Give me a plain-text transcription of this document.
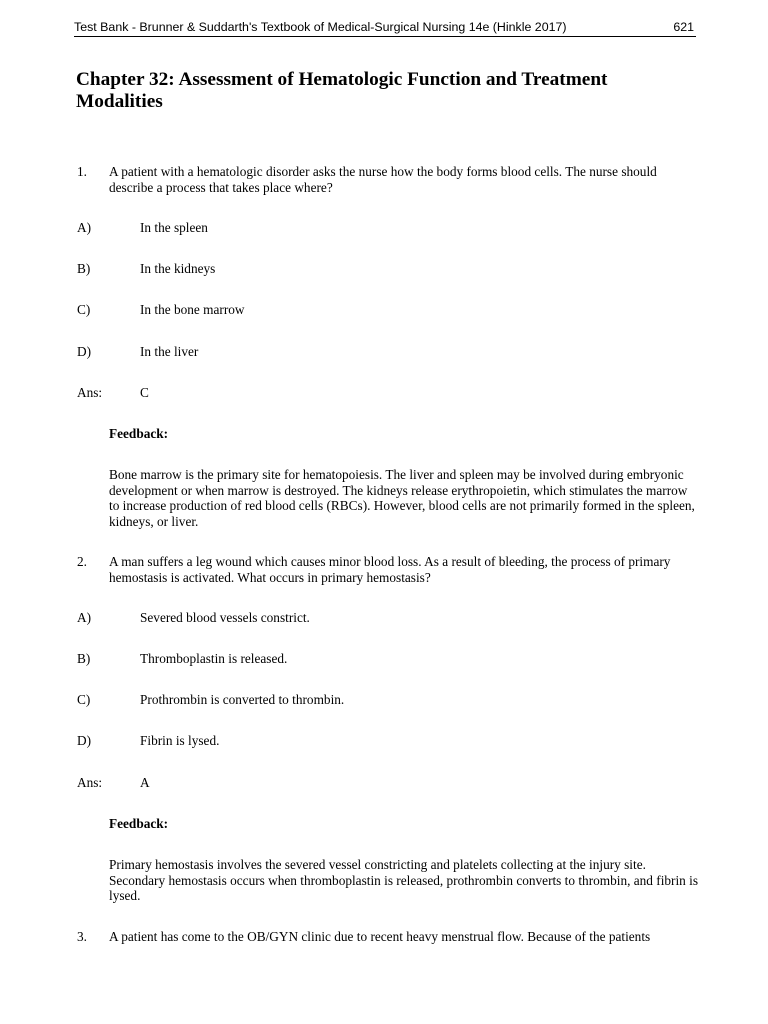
Test Bank - Brunner & Suddarth's Textbook of Medical-Surgical Nursing 14e (Hinkle 2017)	621
Chapter 32: Assessment of Hematologic Function and Treatment Modalities
1. A patient with a hematologic disorder asks the nurse how the body forms blood cells. The nurse should describe a process that takes place where?
A)	In the spleen
B)	In the kidneys
C)	In the bone marrow
D)	In the liver
Ans:	C
Feedback:
Bone marrow is the primary site for hematopoiesis. The liver and spleen may be involved during embryonic development or when marrow is destroyed. The kidneys release erythropoietin, which stimulates the marrow to increase production of red blood cells (RBCs). However, blood cells are not primarily formed in the spleen, kidneys, or liver.
2. A man suffers a leg wound which causes minor blood loss. As a result of bleeding, the process of primary hemostasis is activated. What occurs in primary hemostasis?
A)	Severed blood vessels constrict.
B)	Thromboplastin is released.
C)	Prothrombin is converted to thrombin.
D)	Fibrin is lysed.
Ans:	A
Feedback:
Primary hemostasis involves the severed vessel constricting and platelets collecting at the injury site. Secondary hemostasis occurs when thromboplastin is released, prothrombin converts to thrombin, and fibrin is lysed.
3. A patient has come to the OB/GYN clinic due to recent heavy menstrual flow. Because of the patients
